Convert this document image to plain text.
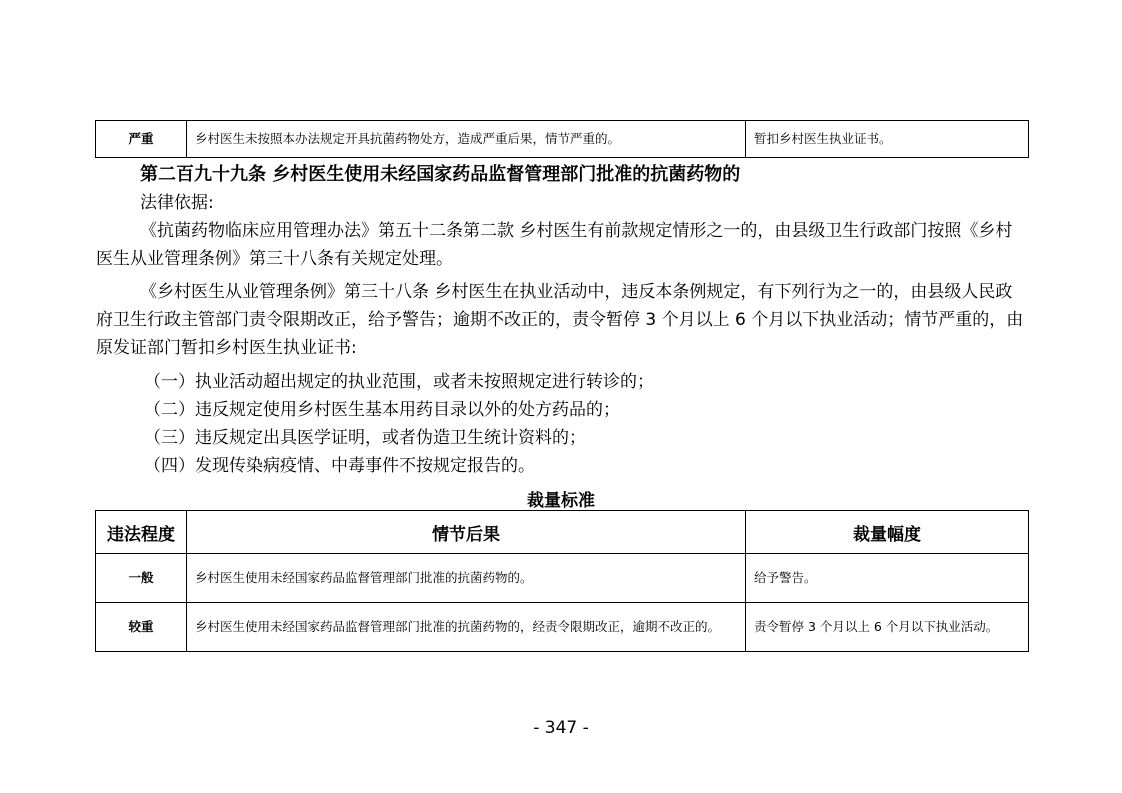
严重	乡村医生未按照本办法规定开具抗菌药物处方，造成严重后果，情节严重的。	暂扣乡村医生执业证书。
第二百九十九条 乡村医生使用未经国家药品监督管理部门批准的抗菌药物的
法律依据:

《抗菌药物临床应用管理办法》第五十二条第二款 乡村医生有前款规定情形之一的，由县级卫生行政部门按照《乡村医生从业管理条例》第三十八条有关规定处理。

《乡村医生从业管理条例》第三十八条 乡村医生在执业活动中，违反本条例规定，有下列行为之一的，由县级人民政府卫生行政主管部门责令限期改正，给予警告；逾期不改正的，责令暂停 3 个月以上 6 个月以下执业活动；情节严重的，由原发证部门暂扣乡村医生执业证书:

（一）执业活动超出规定的执业范围，或者未按照规定进行转诊的；
（二）违反规定使用乡村医生基本用药目录以外的处方药品的；
（三）违反规定出具医学证明，或者伪造卫生统计资料的；
（四）发现传染病疫情、中毒事件不按规定报告的。
裁量标准
违法程度	情节后果	裁量幅度
一般	乡村医生使用未经国家药品监督管理部门批准的抗菌药物的。	给予警告。
较重	乡村医生使用未经国家药品监督管理部门批准的抗菌药物的，经责令限期改正，逾期不改正的。	责令暂停 3 个月以上 6 个月以下执业活动。
- 347 -
